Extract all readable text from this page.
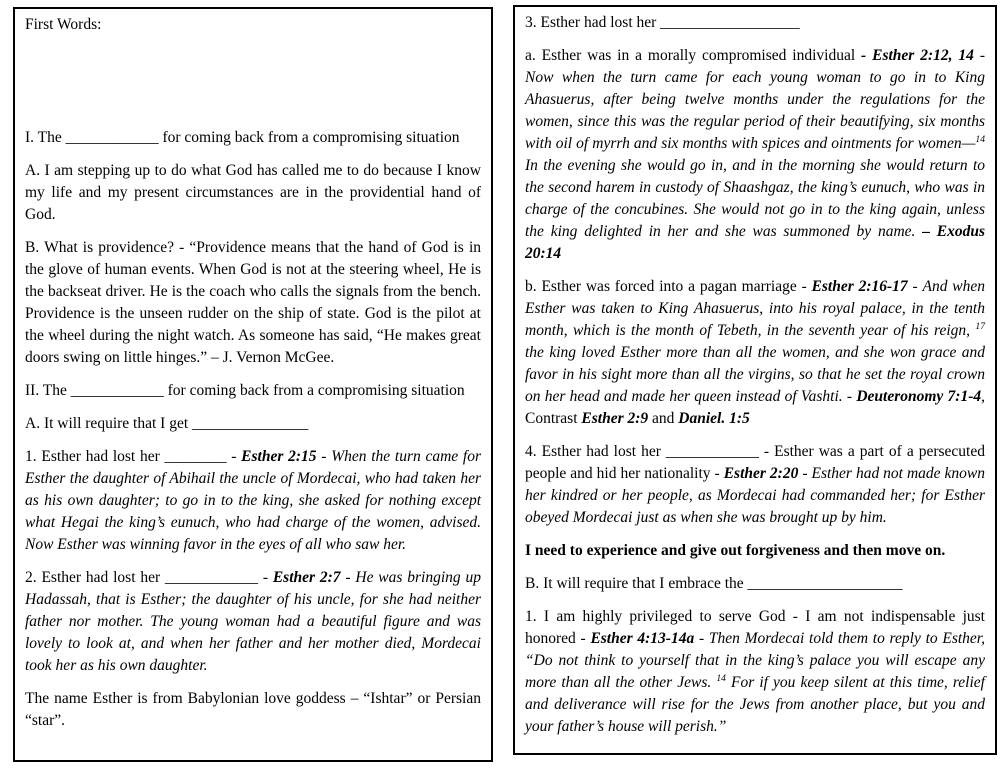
First Words:

I. The ____________ for coming back from a compromising situation

A. I am stepping up to do what God has called me to do because I know my life and my present circumstances are in the providential hand of God.

B. What is providence? - “Providence means that the hand of God is in the glove of human events. When God is not at the steering wheel, He is the backseat driver. He is the coach who calls the signals from the bench. Providence is the unseen rudder on the ship of state. God is the pilot at the wheel during the night watch. As someone has said, “He makes great doors swing on little hinges.” – J. Vernon McGee.

II. The ____________ for coming back from a compromising situation

A. It will require that I get _______________

1. Esther had lost her ________ - Esther 2:15 - When the turn came for Esther the daughter of Abihail the uncle of Mordecai, who had taken her as his own daughter; to go in to the king, she asked for nothing except what Hegai the king’s eunuch, who had charge of the women, advised. Now Esther was winning favor in the eyes of all who saw her.

2. Esther had lost her ____________ - Esther 2:7 - He was bringing up Hadassah, that is Esther; the daughter of his uncle, for she had neither father nor mother. The young woman had a beautiful figure and was lovely to look at, and when her father and her mother died, Mordecai took her as his own daughter.

The name Esther is from Babylonian love goddess – “Ishtar” or Persian “star”.

3. Esther had lost her __________________

a. Esther was in a morally compromised individual - Esther 2:12, 14 - Now when the turn came for each young woman to go in to King Ahasuerus, after being twelve months under the regulations for the women, since this was the regular period of their beautifying, six months with oil of myrrh and six months with spices and ointments for women—$^{14}$ In the evening she would go in, and in the morning she would return to the second harem in custody of Shaashgaz, the king’s eunuch, who was in charge of the concubines. She would not go in to the king again, unless the king delighted in her and she was summoned by name. – Exodus 20:14

b. Esther was forced into a pagan marriage - Esther 2:16-17 - And when Esther was taken to King Ahasuerus, into his royal palace, in the tenth month, which is the month of Tebeth, in the seventh year of his reign, $^{17}$ the king loved Esther more than all the women, and she won grace and favor in his sight more than all the virgins, so that he set the royal crown on her head and made her queen instead of Vashti. - Deuteronomy 7:1-4, Contrast Esther 2:9 and Daniel. 1:5

4. Esther had lost her ____________ - Esther was a part of a persecuted people and hid her nationality - Esther 2:20 - Esther had not made known her kindred or her people, as Mordecai had commanded her; for Esther obeyed Mordecai just as when she was brought up by him.

I need to experience and give out forgiveness and then move on.

B. It will require that I embrace the ____________________

1. I am highly privileged to serve God - I am not indispensable just honored - Esther 4:13-14a - Then Mordecai told them to reply to Esther, “Do not think to yourself that in the king’s palace you will escape any more than all the other Jews. $^{14}$ For if you keep silent at this time, relief and deliverance will rise for the Jews from another place, but you and your father’s house will perish.”
